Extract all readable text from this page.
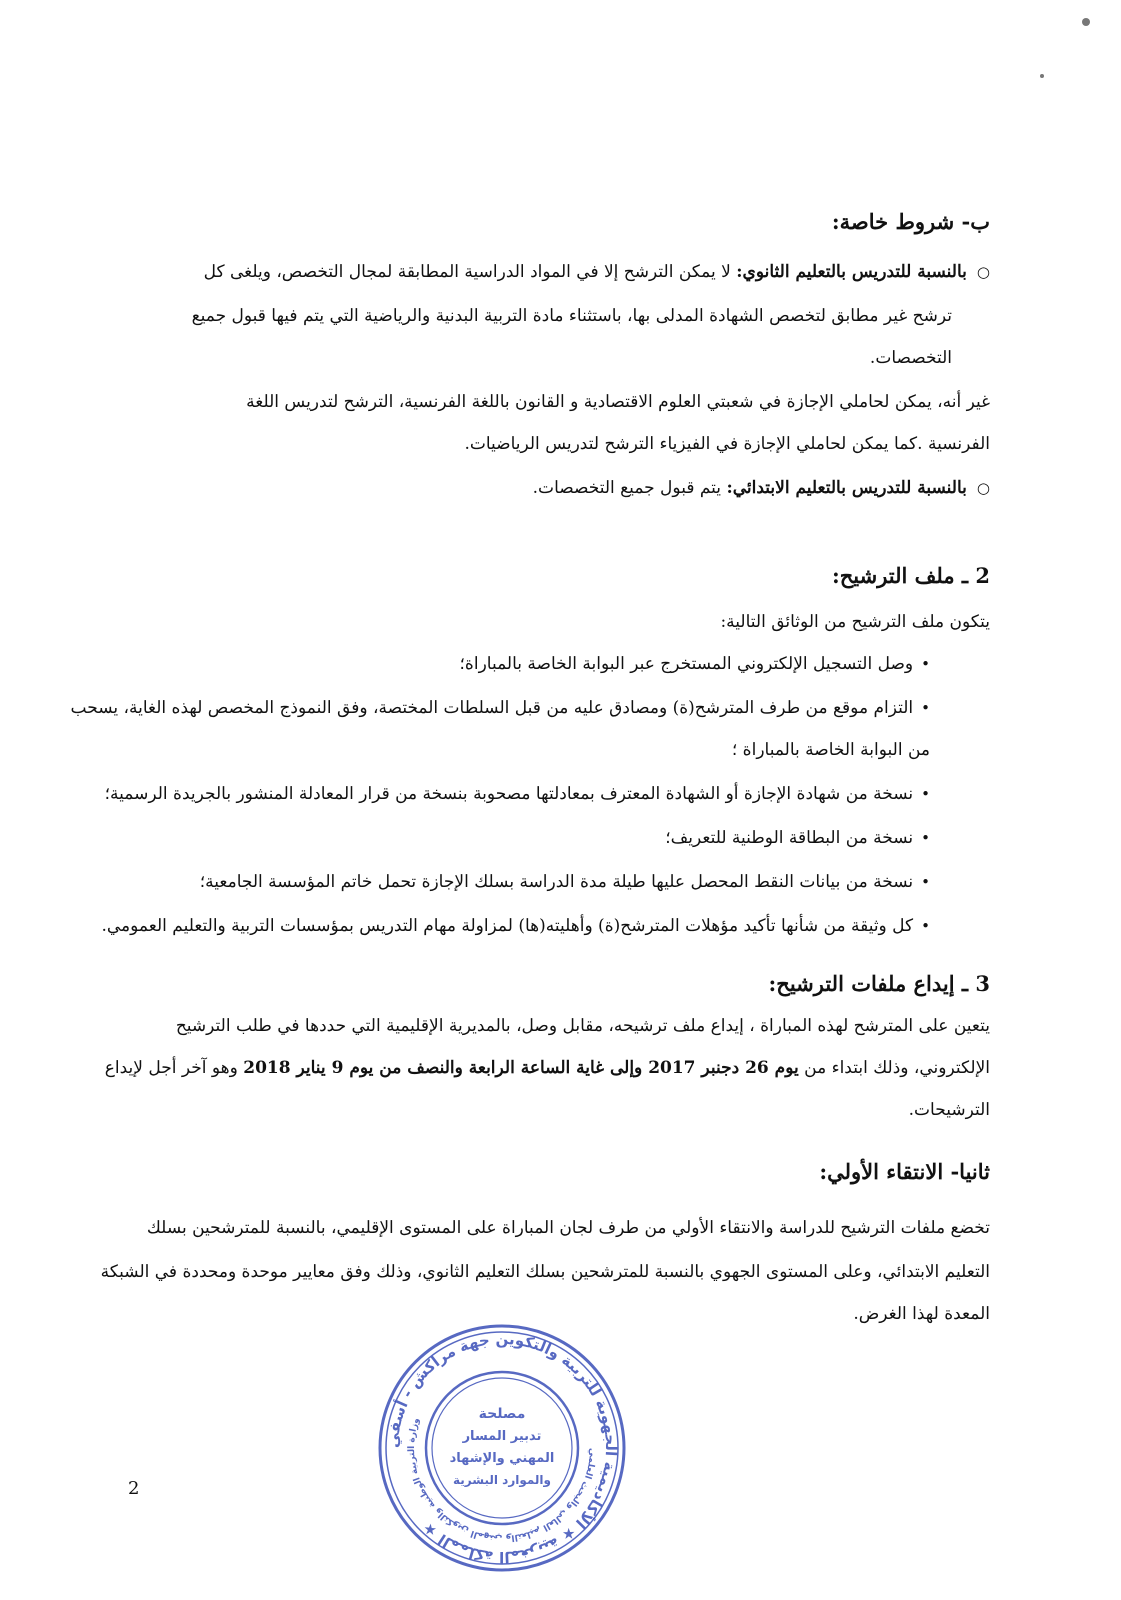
ب- شروط خاصة:
○بالنسبة للتدريس بالتعليم الثانوي: لا يمكن الترشح إلا في المواد الدراسية المطابقة لمجال التخصص، ويلغى كل
ترشح غير مطابق لتخصص الشهادة المدلى بها، باستثناء مادة التربية البدنية والرياضية التي يتم فيها قبول جميع
التخصصات.
غير أنه، يمكن لحاملي الإجازة في شعبتي العلوم الاقتصادية و القانون باللغة الفرنسية، الترشح لتدريس اللغة
الفرنسية .كما يمكن لحاملي الإجازة في الفيزياء الترشح لتدريس الرياضيات.
○بالنسبة للتدريس بالتعليم الابتدائي: يتم قبول جميع التخصصات.
2 ـ ملف الترشيح:
يتكون ملف الترشيح من الوثائق التالية:
•وصل التسجيل الإلكتروني المستخرج عبر البوابة الخاصة بالمباراة؛
•التزام موقع من طرف المترشح(ة) ومصادق عليه من قبل السلطات المختصة، وفق النموذج المخصص لهذه الغاية، يسحب
من البوابة الخاصة بالمباراة ؛
•نسخة من شهادة الإجازة أو الشهادة المعترف بمعادلتها مصحوبة بنسخة من قرار المعادلة المنشور بالجريدة الرسمية؛
•نسخة من البطاقة الوطنية للتعريف؛
•نسخة من بيانات النقط المحصل عليها طيلة مدة الدراسة بسلك الإجازة تحمل خاتم المؤسسة الجامعية؛
•كل وثيقة من شأنها تأكيد مؤهلات المترشح(ة) وأهليته(ها) لمزاولة مهام التدريس بمؤسسات التربية والتعليم العمومي.
3 ـ إيداع ملفات الترشيح:
يتعين على المترشح لهذه المباراة ، إيداع ملف ترشيحه، مقابل وصل، بالمديرية الإقليمية التي حددها في طلب الترشيح
الإلكتروني، وذلك ابتداء من يوم 26 دجنبر 2017 وإلى غاية الساعة الرابعة والنصف من يوم 9 يناير 2018 وهو آخر أجل لإيداع
الترشيحات.
ثانيا- الانتقاء الأولي:
تخضع ملفات الترشيح للدراسة والانتقاء الأولي من طرف لجان المباراة على المستوى الإقليمي، بالنسبة للمترشحين بسلك
التعليم الابتدائي، وعلى المستوى الجهوي بالنسبة للمترشحين بسلك التعليم الثانوي، وذلك وفق معايير موحدة ومحددة في الشبكة
المعدة لهذا الغرض.
2
المملكة المغربية ★ الأكاديمية الجهوية للتربية والتكوين جهة مراكش - أسفي ★
وزارة التربية الوطنية والتكوين المهني والتعليم العالي والبحث العلمي	مصلحة
تدبير المسار
المهني والإشهاد
والموارد البشرية
